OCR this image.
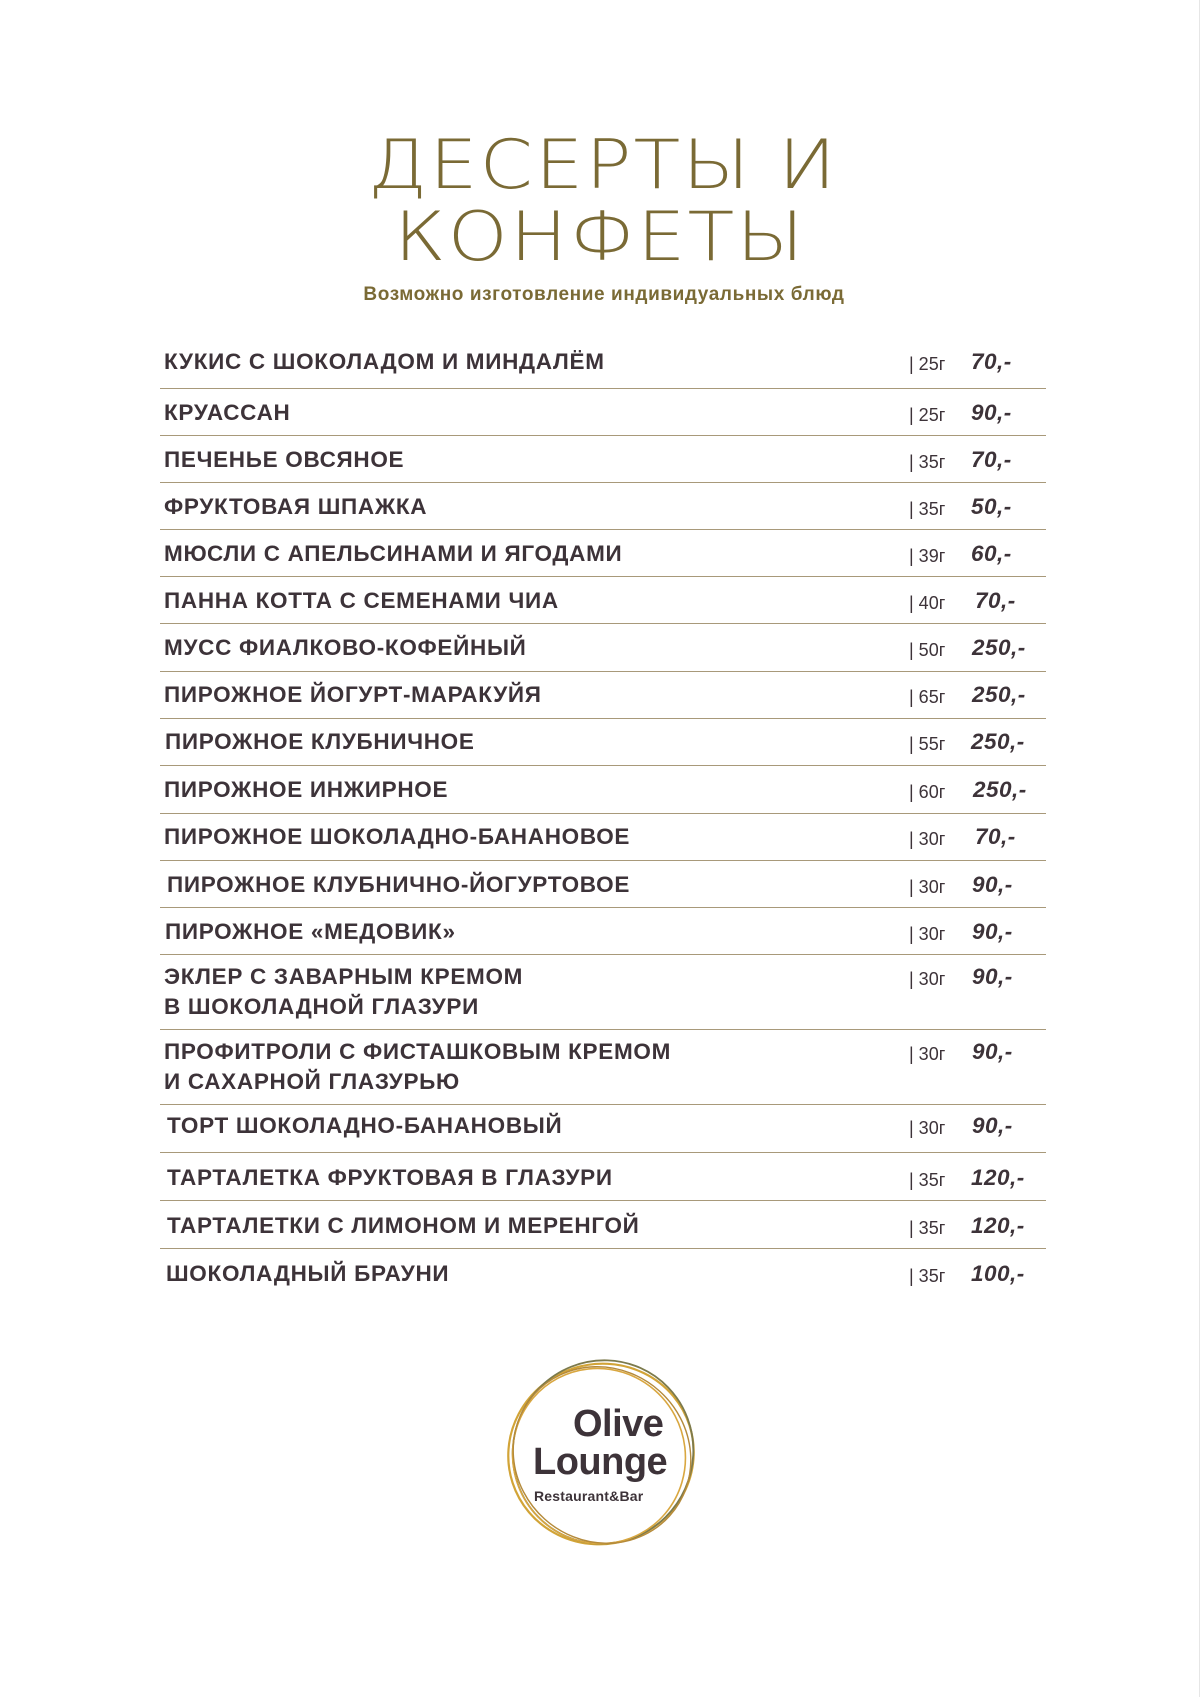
ДЕСЕРТЫ И
КОНФЕТЫ
Возможно изготовление индивидуальных блюд
КУКИС С ШОКОЛАДОМ И МИНДАЛЁМ	| 25г 70,-
КРУАССАН	| 25г 90,-
ПЕЧЕНЬЕ ОВСЯНОЕ	| 35г 70,-
ФРУКТОВАЯ ШПАЖКА	| 35г 50,-
МЮСЛИ С АПЕЛЬСИНАМИ И ЯГОДАМИ	| 39г 60,-
ПАННА КОТТА С СЕМЕНАМИ ЧИА	| 40г 70,-
МУСС ФИАЛКОВО-КОФЕЙНЫЙ	| 50г 250,-
ПИРОЖНОЕ ЙОГУРТ-МАРАКУЙЯ	| 65г 250,-
ПИРОЖНОЕ КЛУБНИЧНОЕ	| 55г 250,-
ПИРОЖНОЕ ИНЖИРНОЕ	| 60г 250,-
ПИРОЖНОЕ ШОКОЛАДНО-БАНАНОВОЕ	| 30г 70,-
ПИРОЖНОЕ КЛУБНИЧНО-ЙОГУРТОВОЕ	| 30г 90,-
ПИРОЖНОЕ «МЕДОВИК»	| 30г 90,-
ЭКЛЕР С ЗАВАРНЫМ КРЕМОМ
В ШОКОЛАДНОЙ ГЛАЗУРИ
| 30г 90,-
ПРОФИТРОЛИ С ФИСТАШКОВЫМ КРЕМОМ
И САХАРНОЙ ГЛАЗУРЬЮ
| 30г 90,-
ТОРТ ШОКОЛАДНО-БАНАНОВЫЙ	| 30г 90,-
ТАРТАЛЕТКА ФРУКТОВАЯ В ГЛАЗУРИ	| 35г 120,-
ТАРТАЛЕТКИ С ЛИМОНОМ И МЕРЕНГОЙ	| 35г 120,-
ШОКОЛАДНЫЙ БРАУНИ	| 35г 100,-
Olive
Lounge
Restaurant&Bar
